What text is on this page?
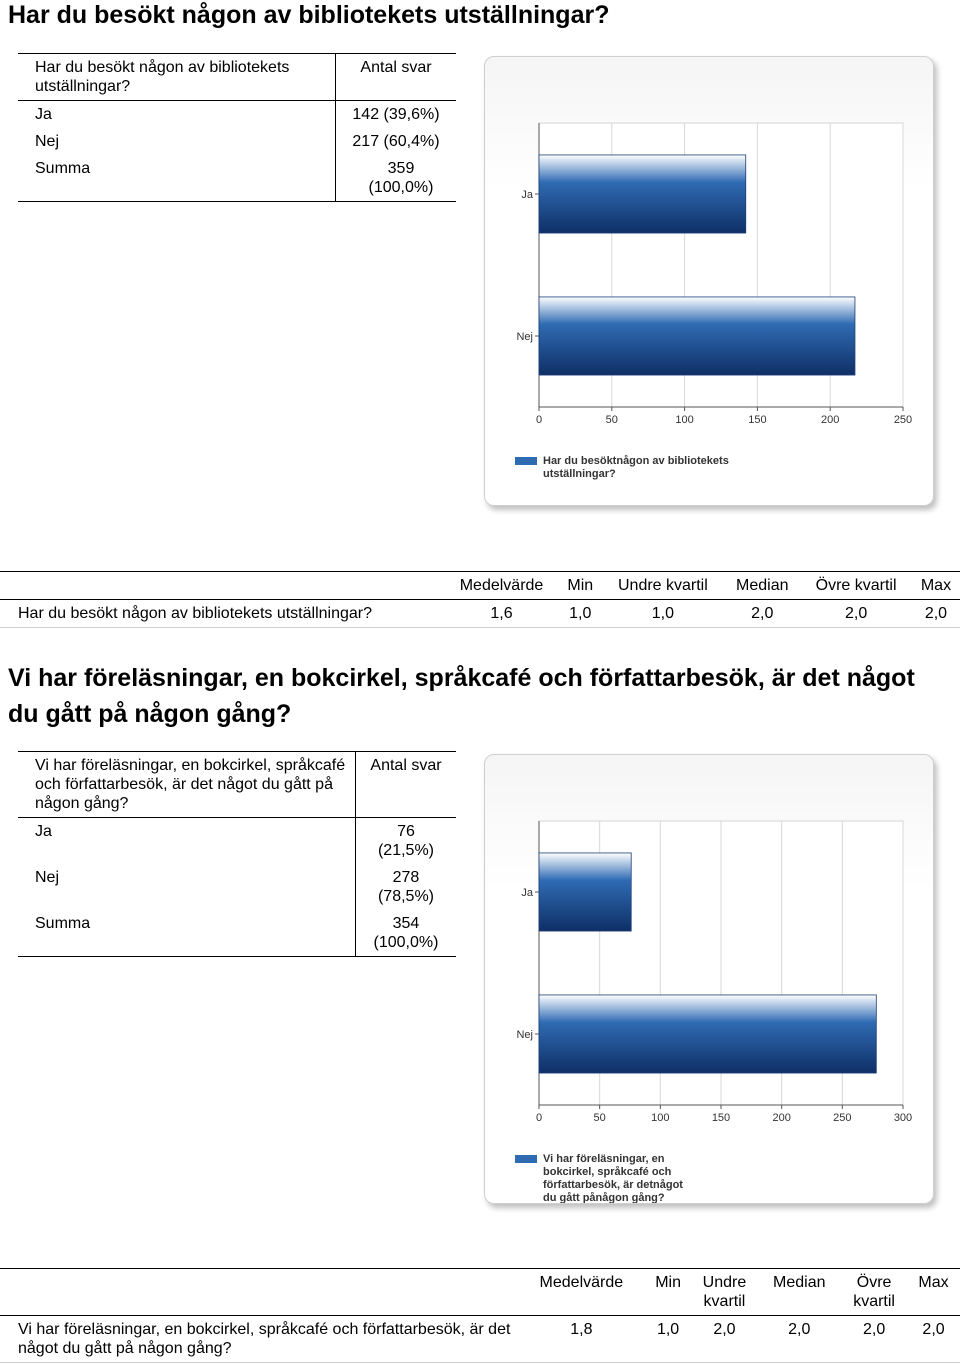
Har du besökt någon av bibliotekets utställningar?
Har du besökt någon av bibliotekets utställningar?	Antal svar
Ja	142 (39,6%)
Nej	217 (60,4%)
Summa	359 (100,0%)
0	50	100	150	200	250
Ja
Nej
Har du besöktnågon av bibliotekets
utställningar?
	Medelvärde	Min	Undre kvartil	Median	Övre kvartil	Max
Har du besökt någon av bibliotekets utställningar?	1,6	1,0	1,0	2,0	2,0	2,0
Vi har föreläsningar, en bokcirkel, språkcafé och författarbesök, är det något du gått på någon gång?
Vi har föreläsningar, en bokcirkel, språkcafé och författarbesök, är det något du gått på någon gång?	Antal svar
Ja	76 (21,5%)
Nej	278 (78,5%)
Summa	354 (100,0%)
0	50	100	150	200	250	300
Ja
Nej
Vi har föreläsningar, en
bokcirkel, språkcafé och
författarbesök, är detnågot
du gått pånågon gång?
	Medelvärde	Min	Undre kvartil	Median	Övre kvartil	Max
Vi har föreläsningar, en bokcirkel, språkcafé och författarbesök, är det något du gått på någon gång?	1,8	1,0	2,0	2,0	2,0	2,0
